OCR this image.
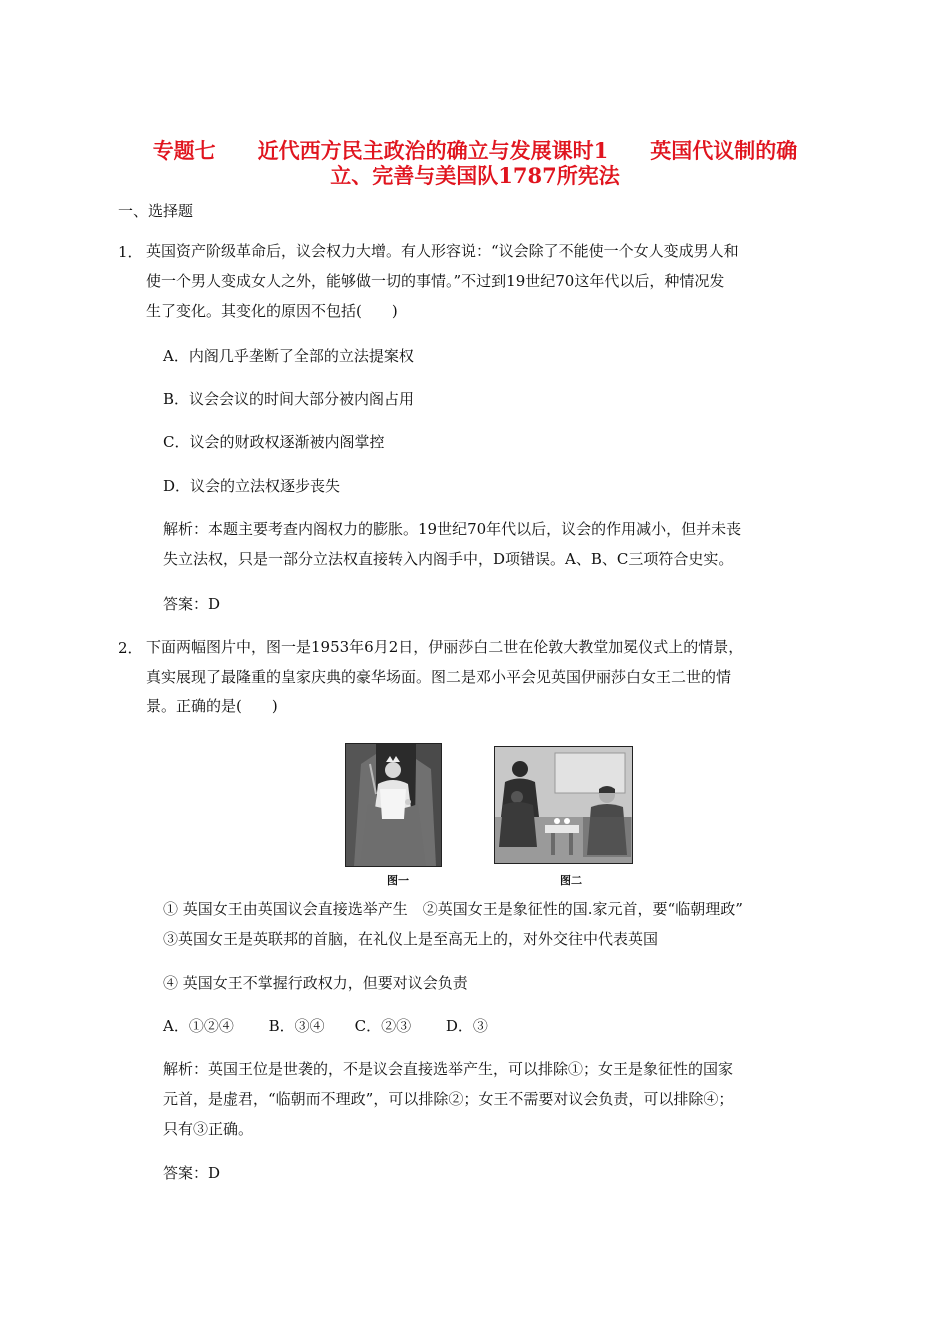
专题七　　近代西方民主政治的确立与发展课时1　　英国代议制的确
立、完善与美国队1787所宪法
一、选择题
1． 英国资产阶级革命后，议会权力大增。有人形容说：“议会除了不能使一个女人变成男人和
使一个男人变成女人之外，能够做一切的事情。”不过到19世纪70这年代以后，种情况发
生了变化。其变化的原因不包括(　　)
A．内阁几乎垄断了全部的立法提案权
B．议会会议的时间大部分被内阁占用
C．议会的财政权逐渐被内阁掌控
D．议会的立法权逐步丧失
解析：本题主要考查内阁权力的膨胀。19世纪70年代以后，议会的作用减小，但并未丧
失立法权，只是一部分立法权直接转入内阁手中，D项错误。A、B、C三项符合史实。
答案：D
2． 下面两幅图片中，图一是1953年6月2日，伊丽莎白二世在伦敦大教堂加冕仪式上的情景，
真实展现了最隆重的皇家庆典的豪华场面。图二是邓小平会见英国伊丽莎白女王二世的情
景。正确的是(　　)
图一	图二
① 英国女王由英国议会直接选举产生　②英国女王是象征性的国.家元首，要“临朝理政”
③英国女王是英联邦的首脑，在礼仪上是至高无上的，对外交往中代表英国
④ 英国女王不掌握行政权力，但要对议会负责
A．①②④　　 B．③④　　C．②③　　 D．③
解析：英国王位是世袭的，不是议会直接选举产生，可以排除①；女王是象征性的国家
元首，是虚君，“临朝而不理政”，可以排除②；女王不需要对议会负责，可以排除④；
只有③正确。
答案：D
